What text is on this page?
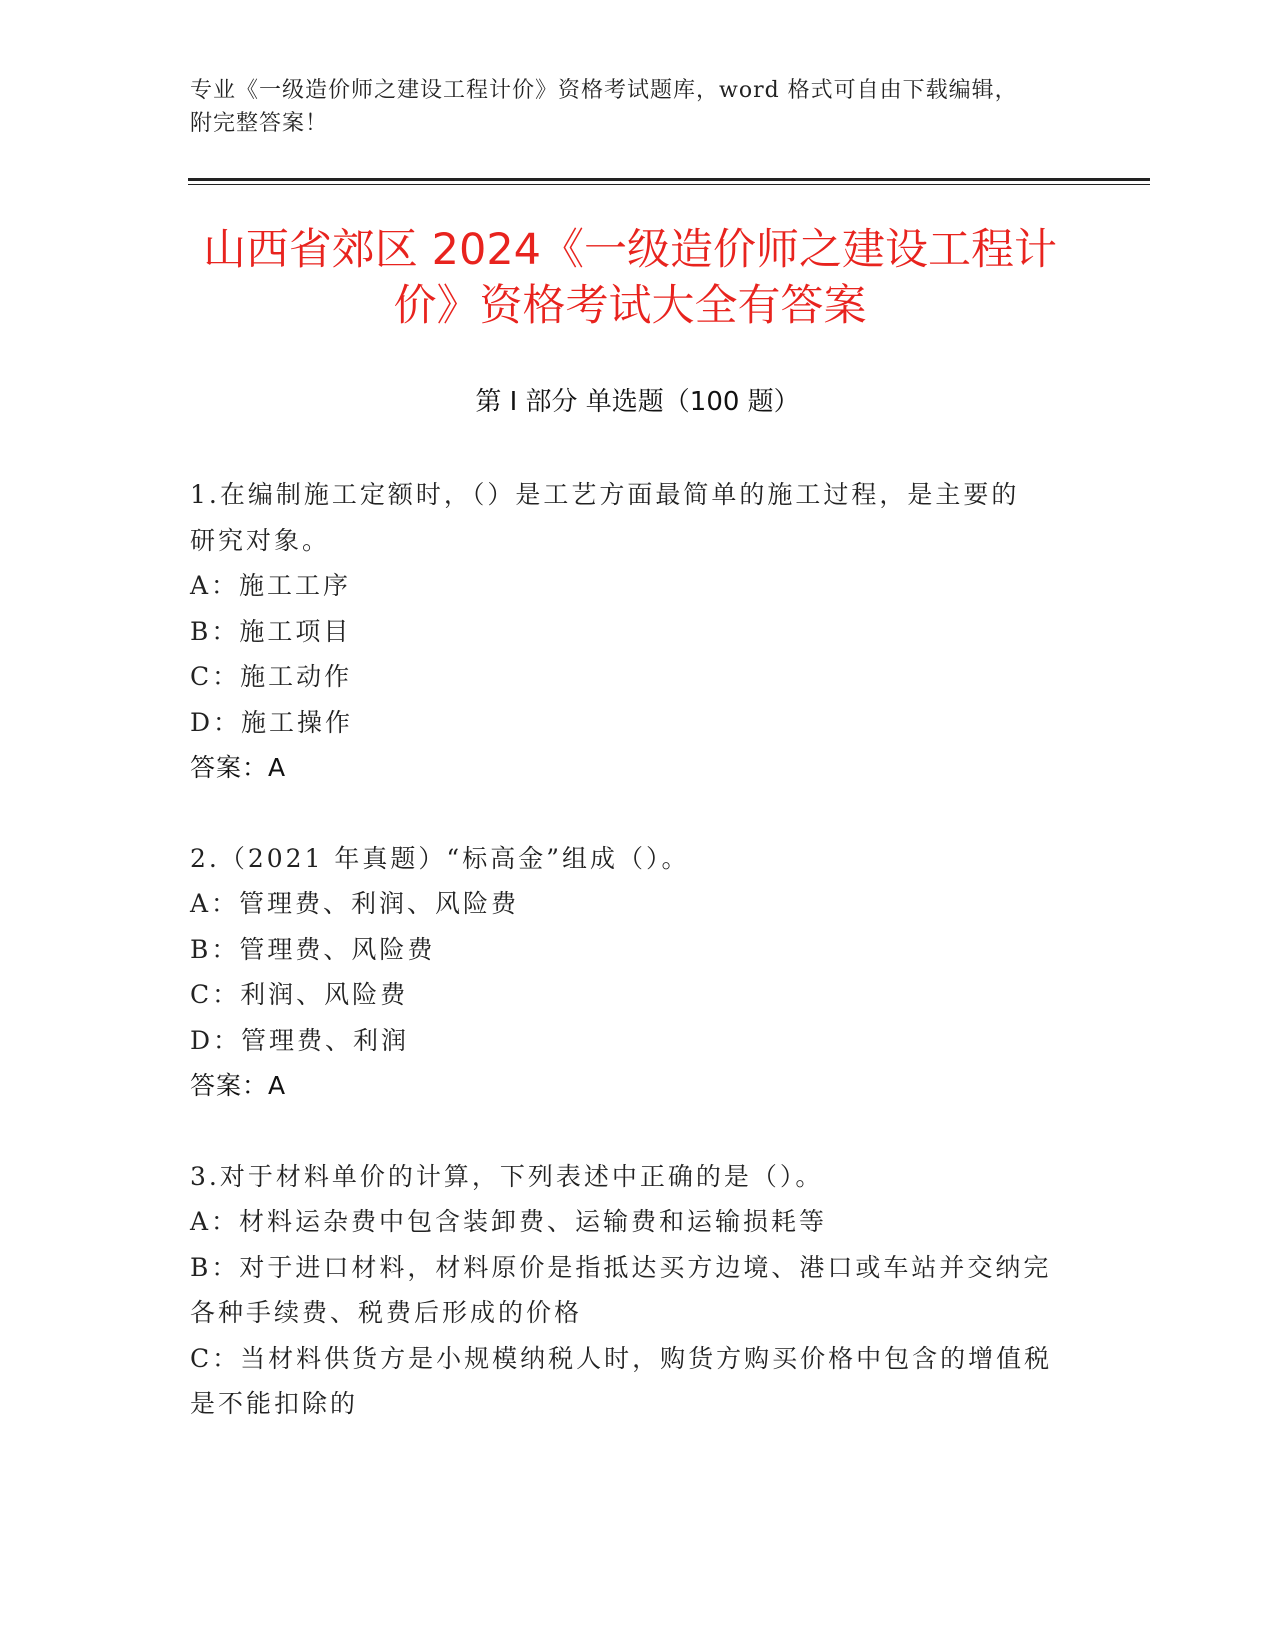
专业《一级造价师之建设工程计价》资格考试题库，word 格式可自由下载编辑，
附完整答案！
山西省郊区 2024《一级造价师之建设工程计
价》资格考试大全有答案
第 I 部分 单选题（100 题）
1.在编制施工定额时，（）是工艺方面最简单的施工过程，是主要的
研究对象。
A：施工工序
B：施工项目
C：施工动作
D：施工操作
答案：A
2.（2021 年真题）“标高金”组成（）。
A：管理费、利润、风险费
B：管理费、风险费
C：利润、风险费
D：管理费、利润
答案：A
3.对于材料单价的计算，下列表述中正确的是（）。
A：材料运杂费中包含装卸费、运输费和运输损耗等
B：对于进口材料，材料原价是指抵达买方边境、港口或车站并交纳完
各种手续费、税费后形成的价格
C：当材料供货方是小规模纳税人时，购货方购买价格中包含的增值税
是不能扣除的
